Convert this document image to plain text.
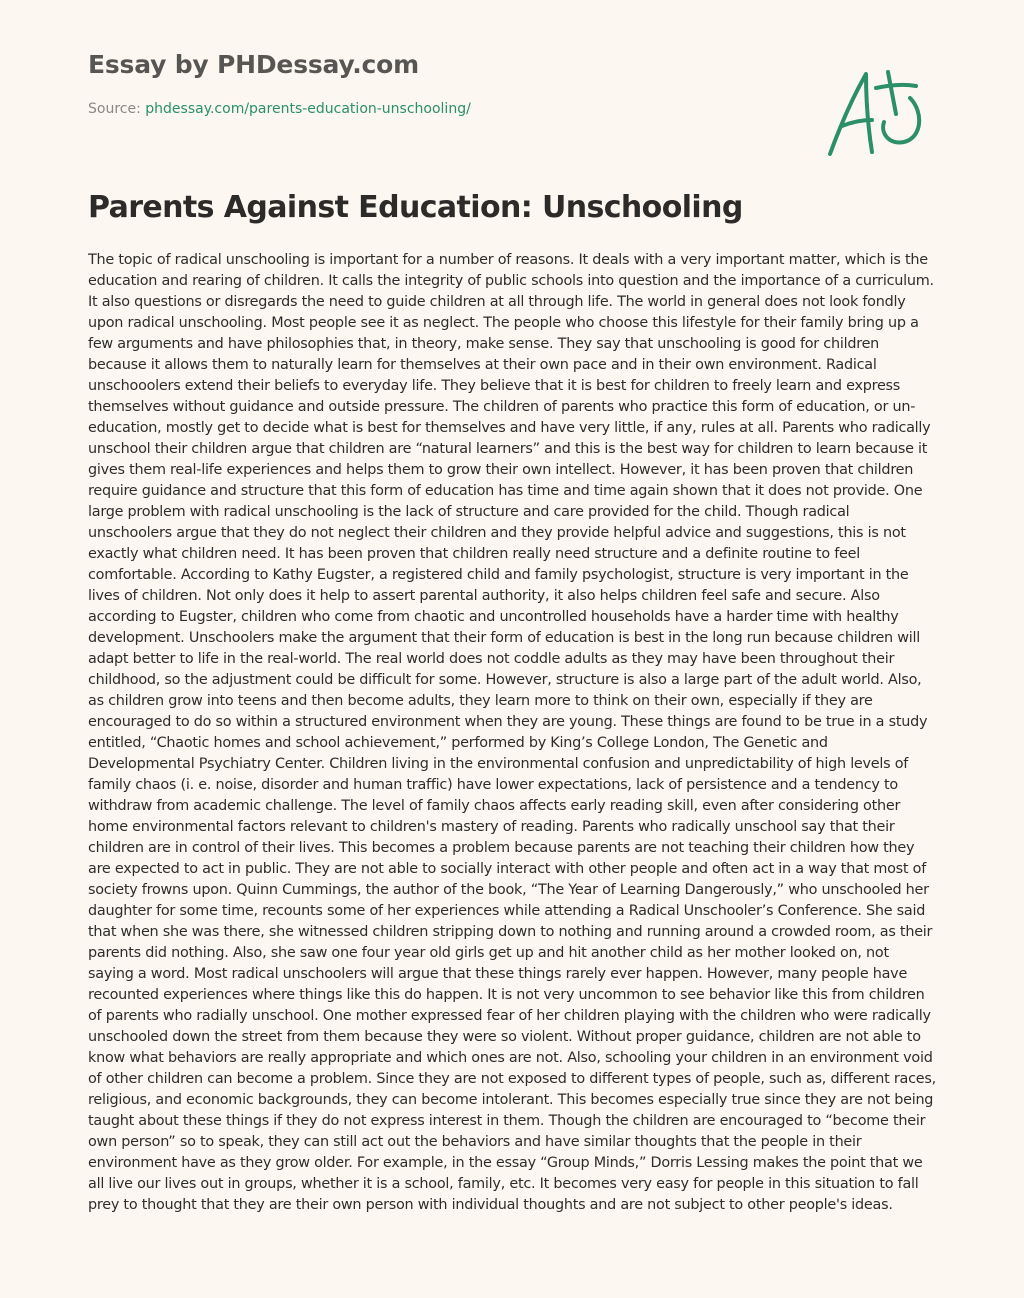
Essay by PHDessay.com
Source: phdessay.com/parents-education-unschooling/
Parents Against Education: Unschooling

The topic of radical unschooling is important for a number of reasons. It deals with a very important matter, which is the education and rearing of children. It calls the integrity of public schools into question and the importance of a curriculum. It also questions or disregards the need to guide children at all through life. The world in general does not look fondly upon radical unschooling. Most people see it as neglect. The people who choose this lifestyle for their family bring up a few arguments and have philosophies that, in theory, make sense. They say that unschooling is good for children because it allows them to naturally learn for themselves at their own pace and in their own environment. Radical unschooolers extend their beliefs to everyday life. They believe that it is best for children to freely learn and express themselves without guidance and outside pressure. The children of parents who practice this form of education, or un-education, mostly get to decide what is best for themselves and have very little, if any, rules at all. Parents who radically unschool their children argue that children are “natural learners” and this is the best way for children to learn because it gives them real-life experiences and helps them to grow their own intellect. However, it has been proven that children require guidance and structure that this form of education has time and time again shown that it does not provide. One large problem with radical unschooling is the lack of structure and care provided for the child. Though radical unschoolers argue that they do not neglect their children and they provide helpful advice and suggestions, this is not exactly what children need. It has been proven that children really need structure and a definite routine to feel comfortable. According to Kathy Eugster, a registered child and family psychologist, structure is very important in the lives of children. Not only does it help to assert parental authority, it also helps children feel safe and secure. Also according to Eugster, children who come from chaotic and uncontrolled households have a harder time with healthy development. Unschoolers make the argument that their form of education is best in the long run because children will adapt better to life in the real-world. The real world does not coddle adults as they may have been throughout their childhood, so the adjustment could be difficult for some. However, structure is also a large part of the adult world. Also, as children grow into teens and then become adults, they learn more to think on their own, especially if they are encouraged to do so within a structured environment when they are young. These things are found to be true in a study entitled, “Chaotic homes and school achievement,” performed by King’s College London, The Genetic and Developmental Psychiatry Center. Children living in the environmental confusion and unpredictability of high levels of family chaos (i. e. noise, disorder and human traffic) have lower expectations, lack of persistence and a tendency to withdraw from academic challenge. The level of family chaos affects early reading skill, even after considering other home environmental factors relevant to children's mastery of reading. Parents who radically unschool say that their children are in control of their lives. This becomes a problem because parents are not teaching their children how they are expected to act in public. They are not able to socially interact with other people and often act in a way that most of society frowns upon. Quinn Cummings, the author of the book, “The Year of Learning Dangerously,” who unschooled her daughter for some time, recounts some of her experiences while attending a Radical Unschooler’s Conference. She said that when she was there, she witnessed children stripping down to nothing and running around a crowded room, as their parents did nothing. Also, she saw one four year old girls get up and hit another child as her mother looked on, not saying a word. Most radical unschoolers will argue that these things rarely ever happen. However, many people have recounted experiences where things like this do happen. It is not very uncommon to see behavior like this from children of parents who radially unschool. One mother expressed fear of her children playing with the children who were radically unschooled down the street from them because they were so violent. Without proper guidance, children are not able to know what behaviors are really appropriate and which ones are not. Also, schooling your children in an environment void of other children can become a problem. Since they are not exposed to different types of people, such as, different races, religious, and economic backgrounds, they can become intolerant. This becomes especially true since they are not being taught about these things if they do not express interest in them. Though the children are encouraged to “become their own person” so to speak, they can still act out the behaviors and have similar thoughts that the people in their environment have as they grow older. For example, in the essay “Group Minds,” Dorris Lessing makes the point that we all live our lives out in groups, whether it is a school, family, etc. It becomes very easy for people in this situation to fall prey to thought that they are their own person with individual thoughts and are not subject to other people's ideas.
